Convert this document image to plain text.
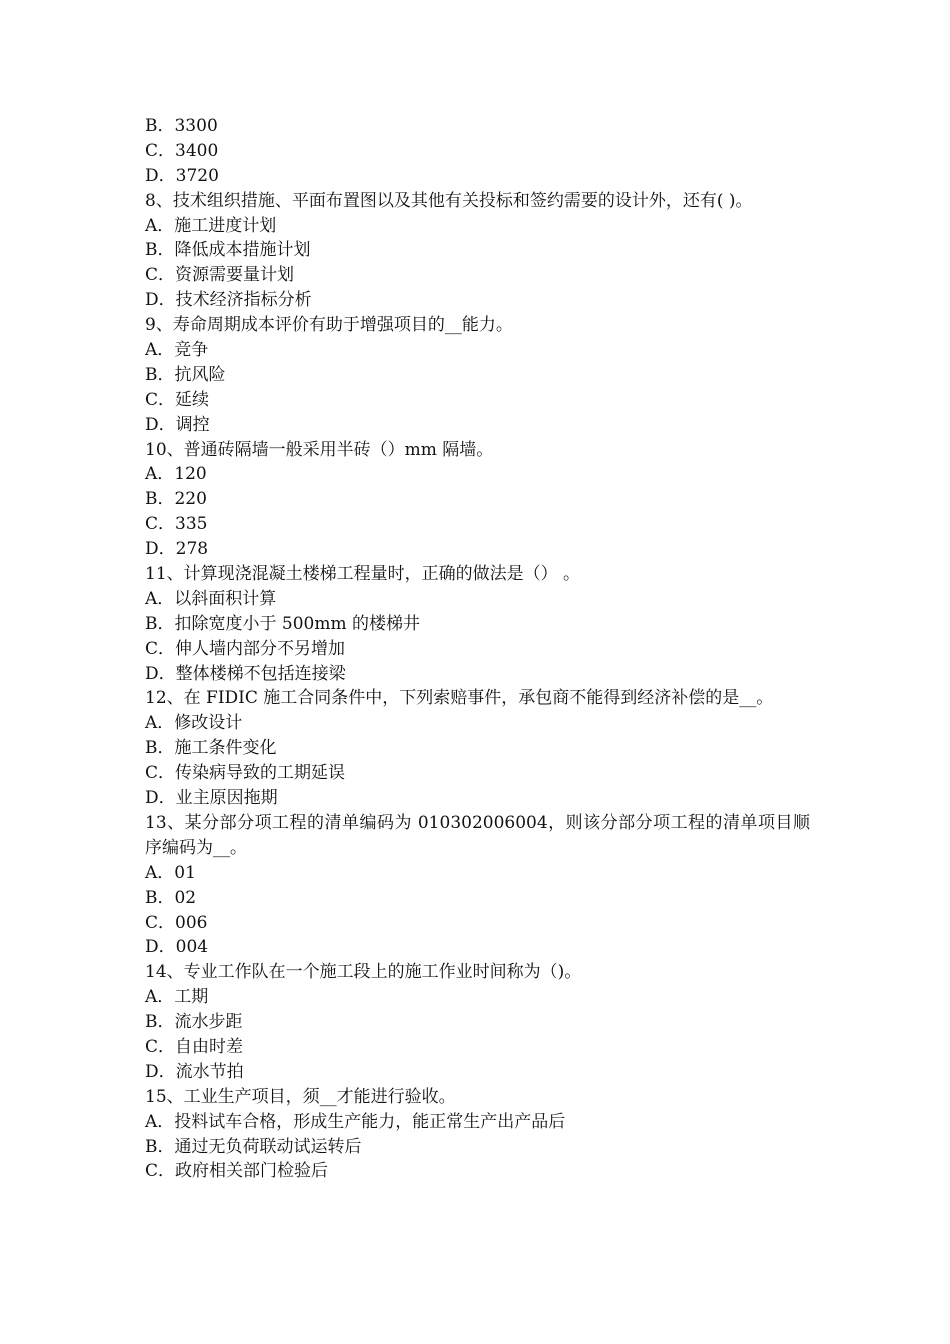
B．3300
C．3400
D．3720
8、技术组织措施、平面布置图以及其他有关投标和签约需要的设计外，还有( )。
A．施工进度计划
B．降低成本措施计划
C．资源需要量计划
D．技术经济指标分析
9、寿命周期成本评价有助于增强项目的__能力。
A．竞争
B．抗风险
C．延续
D．调控
10、普通砖隔墙一般采用半砖（）mm 隔墙。
A．120
B．220
C．335
D．278
11、计算现浇混凝土楼梯工程量时，正确的做法是（） 。
A．以斜面积计算
B．扣除宽度小于 500mm 的楼梯井
C．伸人墙内部分不另增加
D．整体楼梯不包括连接梁
12、在 FIDIC 施工合同条件中，下列索赔事件，承包商不能得到经济补偿的是__。
A．修改设计
B．施工条件变化
C．传染病导致的工期延误
D．业主原因拖期
13、某分部分项工程的清单编码为 010302006004，则该分部分项工程的清单项目顺序编码为__。
A．01
B．02
C．006
D．004
14、专业工作队在一个施工段上的施工作业时间称为（)。
A．工期
B．流水步距
C．自由时差
D．流水节拍
15、工业生产项目，须__才能进行验收。
A．投料试车合格，形成生产能力，能正常生产出产品后
B．通过无负荷联动试运转后
C．政府相关部门检验后
